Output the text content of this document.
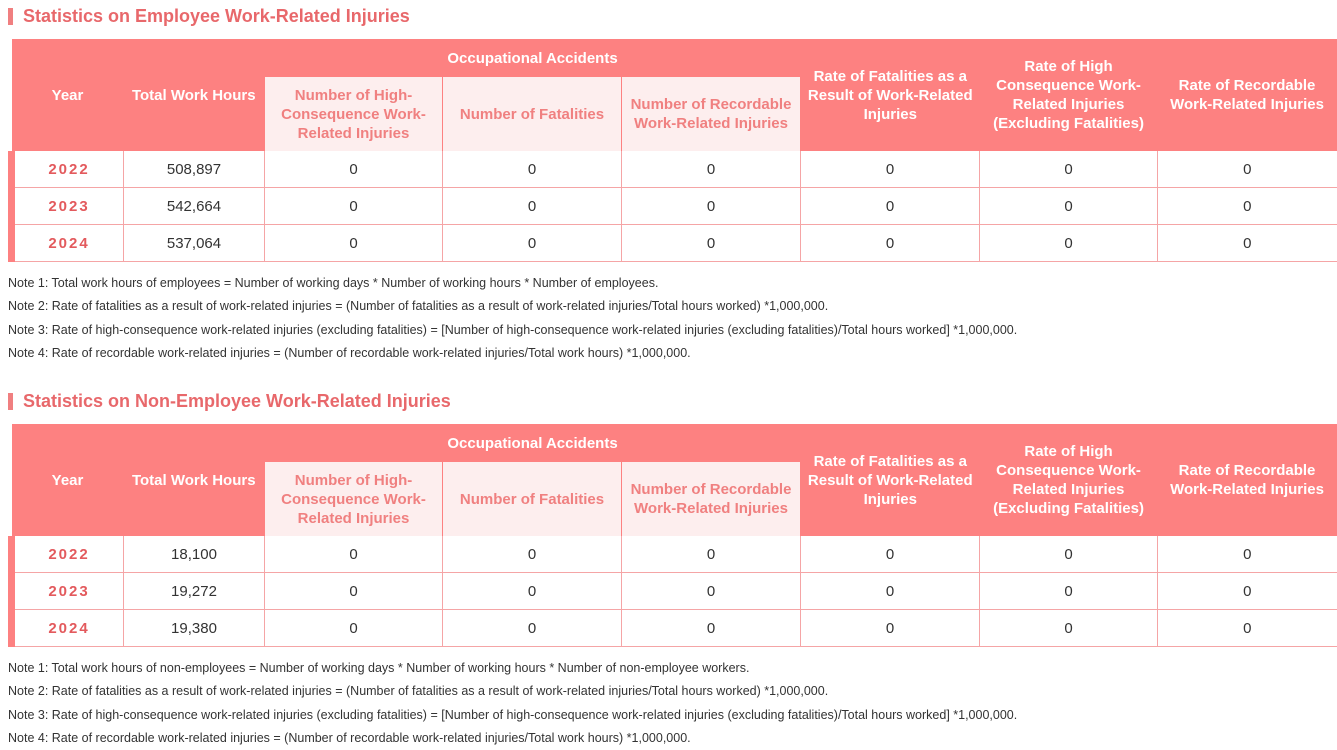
Statistics on Employee Work-Related Injuries
Year	Total Work Hours	Occupational Accidents			Rate of Fatalities as a Result of Work-Related Injuries	Rate of High Consequence Work-Related Injuries (Excluding Fatalities)	Rate of Recordable Work-Related Injuries
		Number of High-Consequence Work-Related Injuries	Number of Fatalities	Number of Recordable Work-Related Injuries			
2022	508,897	0	0	0	0	0	0
2023	542,664	0	0	0	0	0	0
2024	537,064	0	0	0	0	0	0
Note 1: Total work hours of employees = Number of working days * Number of working hours * Number of employees.
Note 2: Rate of fatalities as a result of work-related injuries = (Number of fatalities as a result of work-related injuries/Total hours worked) *1,000,000.
Note 3: Rate of high-consequence work-related injuries (excluding fatalities) = [Number of high-consequence work-related injuries (excluding fatalities)/Total hours worked] *1,000,000.
Note 4: Rate of recordable work-related injuries = (Number of recordable work-related injuries/Total work hours) *1,000,000.
Statistics on Non-Employee Work-Related Injuries
Year	Total Work Hours	Occupational Accidents			Rate of Fatalities as a Result of Work-Related Injuries	Rate of High Consequence Work-Related Injuries (Excluding Fatalities)	Rate of Recordable Work-Related Injuries
		Number of High-Consequence Work-Related Injuries	Number of Fatalities	Number of Recordable Work-Related Injuries			
2022	18,100	0	0	0	0	0	0
2023	19,272	0	0	0	0	0	0
2024	19,380	0	0	0	0	0	0
Note 1: Total work hours of non-employees = Number of working days * Number of working hours * Number of non-employee workers.
Note 2: Rate of fatalities as a result of work-related injuries = (Number of fatalities as a result of work-related injuries/Total hours worked) *1,000,000.
Note 3: Rate of high-consequence work-related injuries (excluding fatalities) = [Number of high-consequence work-related injuries (excluding fatalities)/Total hours worked] *1,000,000.
Note 4: Rate of recordable work-related injuries = (Number of recordable work-related injuries/Total work hours) *1,000,000.
